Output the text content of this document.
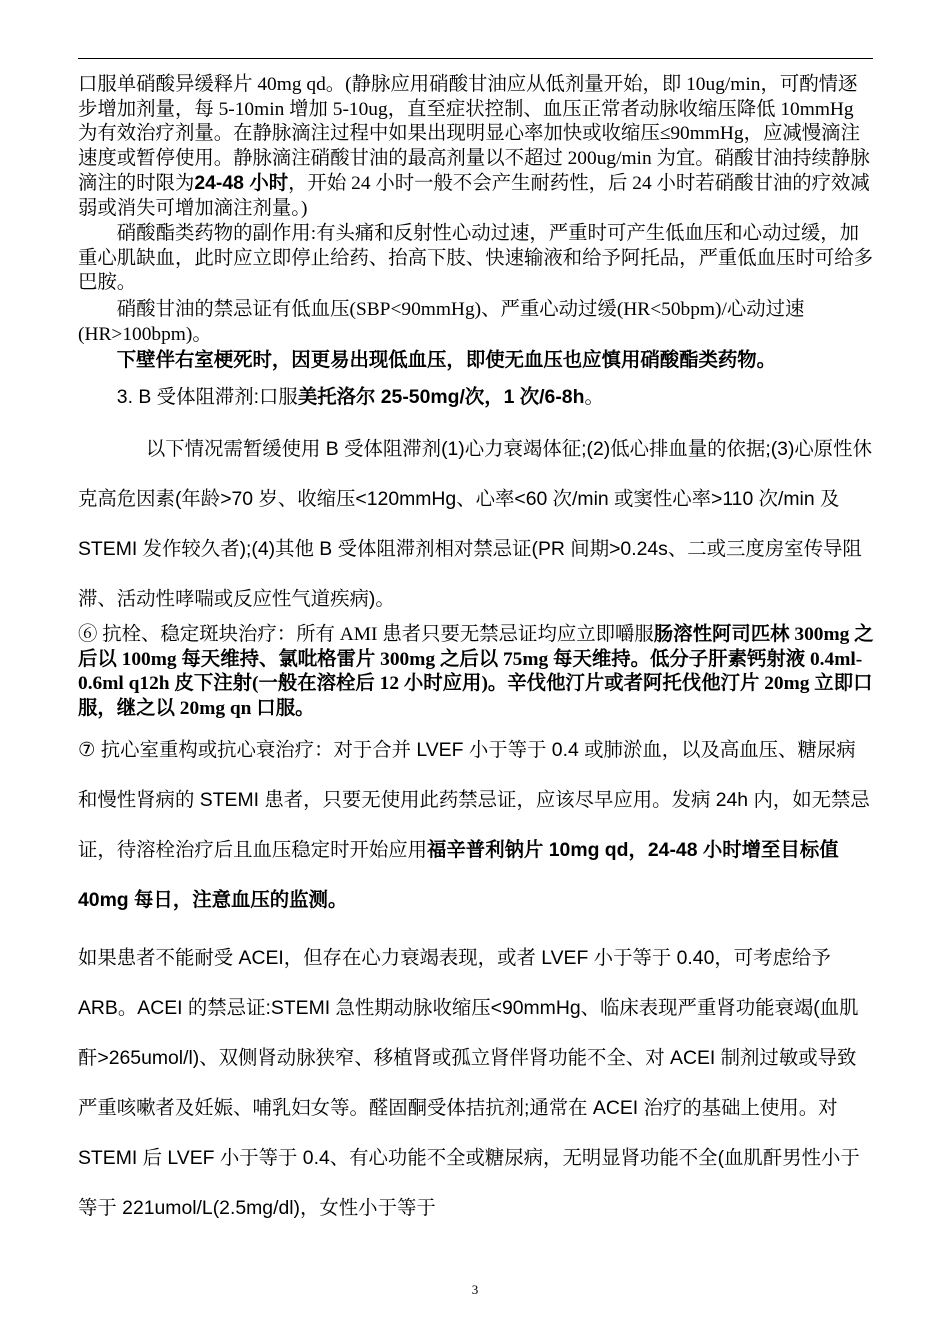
口服单硝酸异缓释片 40mg qd。(静脉应用硝酸甘油应从低剂量开始，即 10ug/min，可酌情逐步增加剂量，每 5-10min 增加 5-10ug，直至症状控制、血压正常者动脉收缩压降低 10mmHg 为有效治疗剂量。在静脉滴注过程中如果出现明显心率加快或收缩压≤90mmHg，应减慢滴注速度或暂停使用。静脉滴注硝酸甘油的最高剂量以不超过 200ug/min 为宜。硝酸甘油持续静脉滴注的时限为24-48 小时，开始 24 小时一般不会产生耐药性，后 24 小时若硝酸甘油的疗效减弱或消失可增加滴注剂量。)

硝酸酯类药物的副作用:有头痛和反射性心动过速，严重时可产生低血压和心动过缓，加重心肌缺血，此时应立即停止给药、抬高下肢、快速输液和给予阿托品，严重低血压时可给多巴胺。

硝酸甘油的禁忌证有低血压(SBP<90mmHg)、严重心动过缓(HR<50bpm)/心动过速(HR>100bpm)。

下壁伴右室梗死时，因更易出现低血压，即使无血压也应慎用硝酸酯类药物。

3. B 受体阻滞剂:口服美托洛尔 25-50mg/次，1 次/6-8h。

以下情况需暂缓使用 B 受体阻滞剂(1)心力衰竭体征;(2)低心排血量的依据;(3)心原性休克高危因素(年龄>70 岁、收缩压<120mmHg、心率<60 次/min 或窦性心率>110 次/min 及 STEMI 发作较久者);(4)其他 B 受体阻滞剂相对禁忌证(PR 间期>0.24s、二或三度房室传导阻滞、活动性哮喘或反应性气道疾病)。

⑥ 抗栓、稳定斑块治疗：所有 AMI 患者只要无禁忌证均应立即嚼服肠溶性阿司匹林 300mg 之后以 100mg 每天维持、氯吡格雷片 300mg 之后以 75mg 每天维持。低分子肝素钙射液 0.4ml-0.6ml q12h 皮下注射(一般在溶栓后 12 小时应用)。辛伐他汀片或者阿托伐他汀片 20mg 立即口服，继之以 20mg qn 口服。

⑦ 抗心室重构或抗心衰治疗：对于合并 LVEF 小于等于 0.4 或肺淤血，以及高血压、糖尿病和慢性肾病的 STEMI 患者，只要无使用此药禁忌证，应该尽早应用。发病 24h 内，如无禁忌证，待溶栓治疗后且血压稳定时开始应用福辛普利钠片 10mg qd，24-48 小时增至目标值 40mg 每日，注意血压的监测。

如果患者不能耐受 ACEI，但存在心力衰竭表现，或者 LVEF 小于等于 0.40，可考虑给予 ARB。ACEI 的禁忌证:STEMI 急性期动脉收缩压<90mmHg、临床表现严重肾功能衰竭(血肌酐>265umol/l)、双侧肾动脉狭窄、移植肾或孤立肾伴肾功能不全、对 ACEI 制剂过敏或导致严重咳嗽者及妊娠、哺乳妇女等。醛固酮受体拮抗剂;通常在 ACEI 治疗的基础上使用。对 STEMI 后 LVEF 小于等于 0.4、有心功能不全或糖尿病，无明显肾功能不全(血肌酐男性小于等于 221umol/L(2.5mg/dl)，女性小于等于

3
